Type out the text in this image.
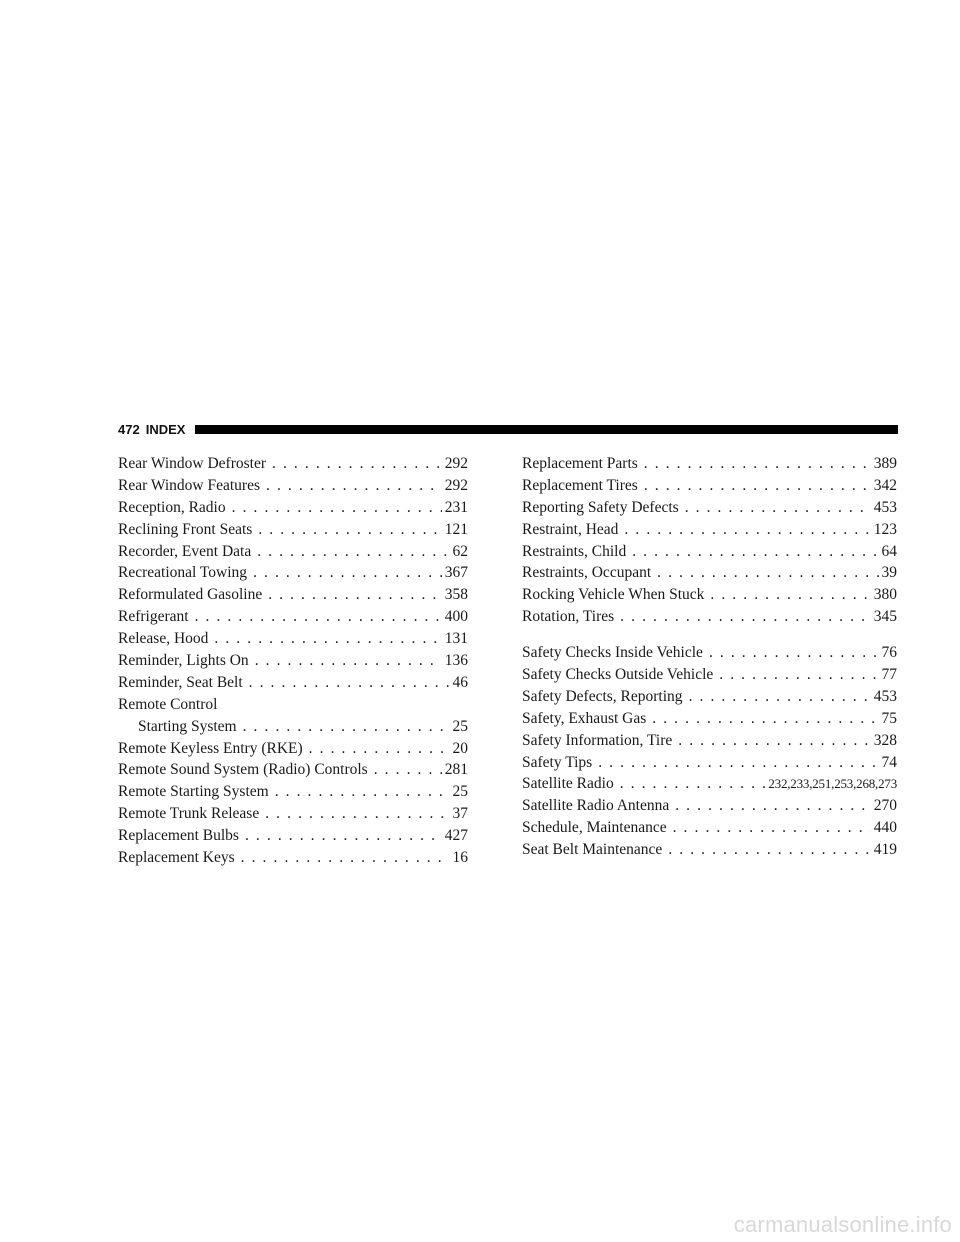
472 INDEX
Rear Window Defroster . . .	292
Rear Window Features . . .	292
Reception, Radio . . .	231
Reclining Front Seats . . .	121
Recorder, Event Data . . .	62
Recreational Towing . . .	367
Reformulated Gasoline . . .	358
Refrigerant . . .	400
Release, Hood . . .	131
Reminder, Lights On . . .	136
Reminder, Seat Belt . . .	46
Remote Control
Starting System . . .	25
Remote Keyless Entry (RKE) . . .	20
Remote Sound System (Radio) Controls . . .	281
Remote Starting System . . .	25
Remote Trunk Release . . .	37
Replacement Bulbs . . .	427
Replacement Keys . . .	16
Replacement Parts . . .	389
Replacement Tires . . .	342
Reporting Safety Defects . . .	453
Restraint, Head . . .	123
Restraints, Child . . .	64
Restraints, Occupant . . .	39
Rocking Vehicle When Stuck . . .	380
Rotation, Tires . . .	345
Safety Checks Inside Vehicle . . .	76
Safety Checks Outside Vehicle . . .	77
Safety Defects, Reporting . . .	453
Safety, Exhaust Gas . . .	75
Safety Information, Tire . . .	328
Safety Tips . . .	74
Satellite Radio . . .	232,233,251,253,268,273
Satellite Radio Antenna . . .	270
Schedule, Maintenance . . .	440
Seat Belt Maintenance . . .	419
carmanualsonline.info
